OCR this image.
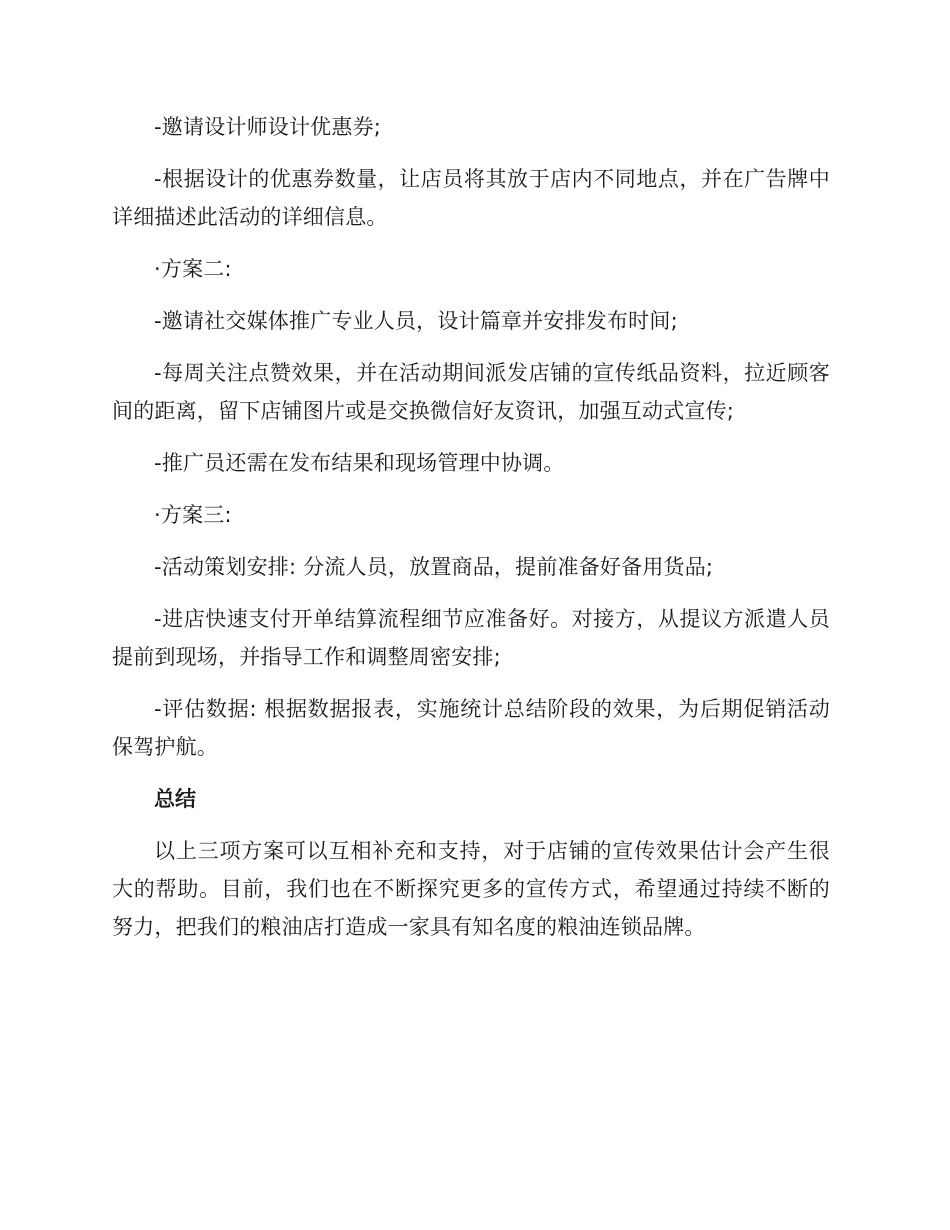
-邀请设计师设计优惠券;

-根据设计的优惠券数量，让店员将其放于店内不同地点，并在广告牌中详细描述此活动的详细信息。

·方案二:

-邀请社交媒体推广专业人员，设计篇章并安排发布时间;

-每周关注点赞效果，并在活动期间派发店铺的宣传纸品资料，拉近顾客间的距离，留下店铺图片或是交换微信好友资讯，加强互动式宣传;

-推广员还需在发布结果和现场管理中协调。

·方案三:

-活动策划安排: 分流人员，放置商品，提前准备好备用货品;

-进店快速支付开单结算流程细节应准备好。对接方，从提议方派遣人员提前到现场，并指导工作和调整周密安排;

-评估数据: 根据数据报表，实施统计总结阶段的效果，为后期促销活动保驾护航。

总结

以上三项方案可以互相补充和支持，对于店铺的宣传效果估计会产生很大的帮助。目前，我们也在不断探究更多的宣传方式，希望通过持续不断的努力，把我们的粮油店打造成一家具有知名度的粮油连锁品牌。
